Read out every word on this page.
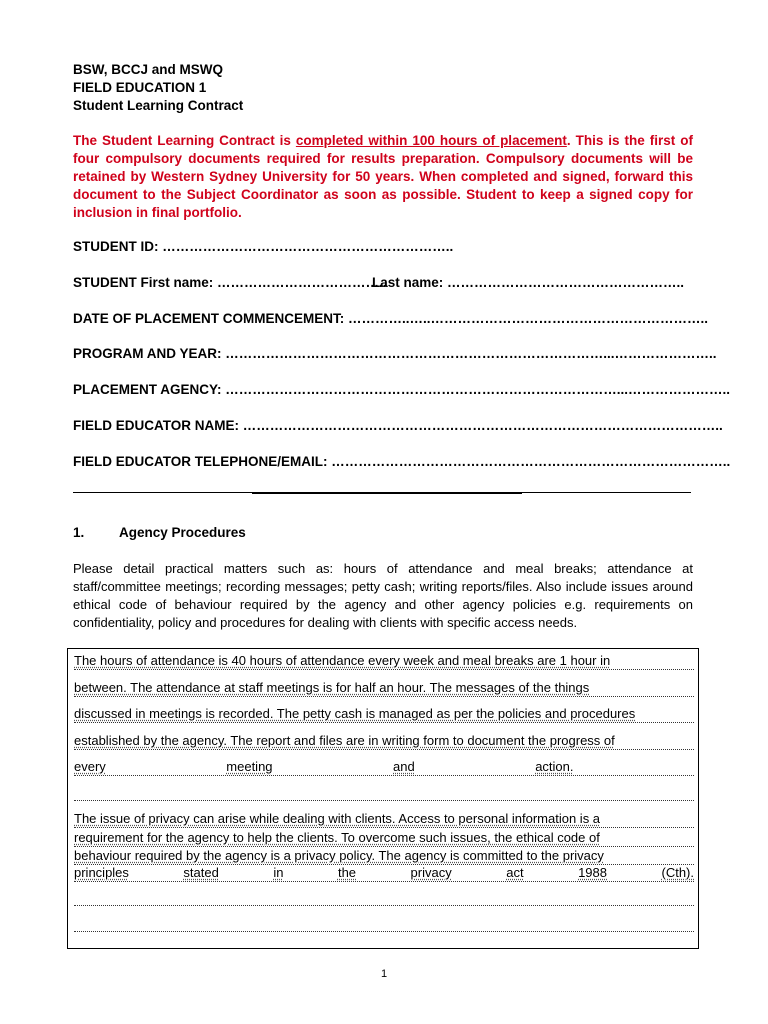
BSW, BCCJ and MSWQ
FIELD EDUCATION 1
Student Learning Contract
The Student Learning Contract is completed within 100 hours of placement. This is the first of four compulsory documents required for results preparation. Compulsory documents will be retained by Western Sydney University for 50 years. When completed and signed, forward this document to the Subject Coordinator as soon as possible. Student to keep a signed copy for inclusion in final portfolio.
STUDENT ID: ………………………………………………………..
STUDENT First name: ………………………………..
Last name: ……………………………………………..
DATE OF PLACEMENT COMMENCEMENT: …………..…..……………………………………………………..
PROGRAM AND YEAR: …………………………………………………………………………...…………………..
PLACEMENT AGENCY: ……………………………………………………………………………...…………………..
FIELD EDUCATOR NAME: ……………………………………………………………………………………………..
FIELD EDUCATOR TELEPHONE/EMAIL: ……………………………………………………………………………..
1.	Agency Procedures
Please detail practical matters such as: hours of attendance and meal breaks; attendance at staff/committee meetings; recording messages; petty cash; writing reports/files. Also include issues around ethical code of behaviour required by the agency and other agency policies e.g. requirements on confidentiality, policy and procedures for dealing with clients with specific access needs.
The hours of attendance is 40 hours of attendance every week and meal breaks are 1 hour in
between. The attendance at staff meetings is for half an hour. The messages of the things
discussed in meetings is recorded. The petty cash is managed as per the policies and procedures
established by the agency. The report and files are in writing form to document the progress of
every	meeting	and	action.
The issue of privacy can arise while dealing with clients. Access to personal information is a
requirement for the agency to help the clients. To overcome such issues, the ethical code of
behaviour required by the agency is a privacy policy. The agency is committed to the privacy
principles	stated	in	the	privacy	act	1988	(Cth).
1
